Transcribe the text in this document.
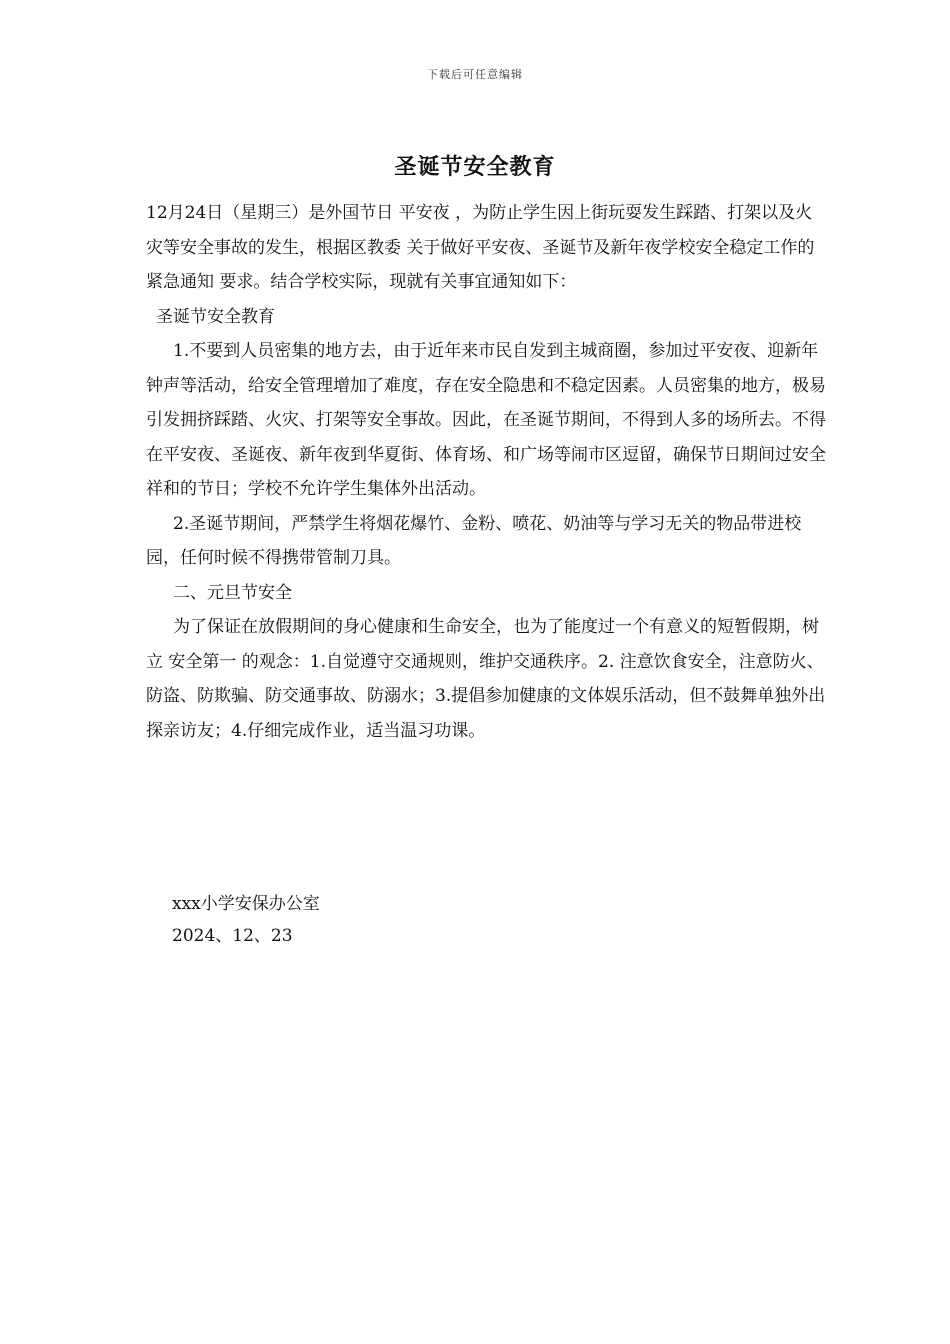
下载后可任意编辑
圣诞节安全教育

12月24日（星期三）是外国节日 平安夜 ，为防止学生因上街玩耍发生踩踏、打架以及火灾等安全事故的发生，根据区教委 关于做好平安夜、圣诞节及新年夜学校安全稳定工作的紧急通知 要求。结合学校实际，现就有关事宜通知如下：

圣诞节安全教育

1.不要到人员密集的地方去，由于近年来市民自发到主城商圈，参加过平安夜、迎新年钟声等活动，给安全管理增加了难度，存在安全隐患和不稳定因素。人员密集的地方，极易引发拥挤踩踏、火灾、打架等安全事故。因此，在圣诞节期间，不得到人多的场所去。不得在平安夜、圣诞夜、新年夜到华夏街、体育场、和广场等闹市区逗留，确保节日期间过安全祥和的节日；学校不允许学生集体外出活动。

2.圣诞节期间，严禁学生将烟花爆竹、金粉、喷花、奶油等与学习无关的物品带进校园，任何时候不得携带管制刀具。

二、元旦节安全

为了保证在放假期间的身心健康和生命安全，也为了能度过一个有意义的短暂假期，树立 安全第一 的观念：1.自觉遵守交通规则，维护交通秩序。2. 注意饮食安全，注意防火、防盗、防欺骗、防交通事故、防溺水；3.提倡参加健康的文体娱乐活动，但不鼓舞单独外出探亲访友；4.仔细完成作业，适当温习功课。

xxx小学安保办公室
2024、12、23
